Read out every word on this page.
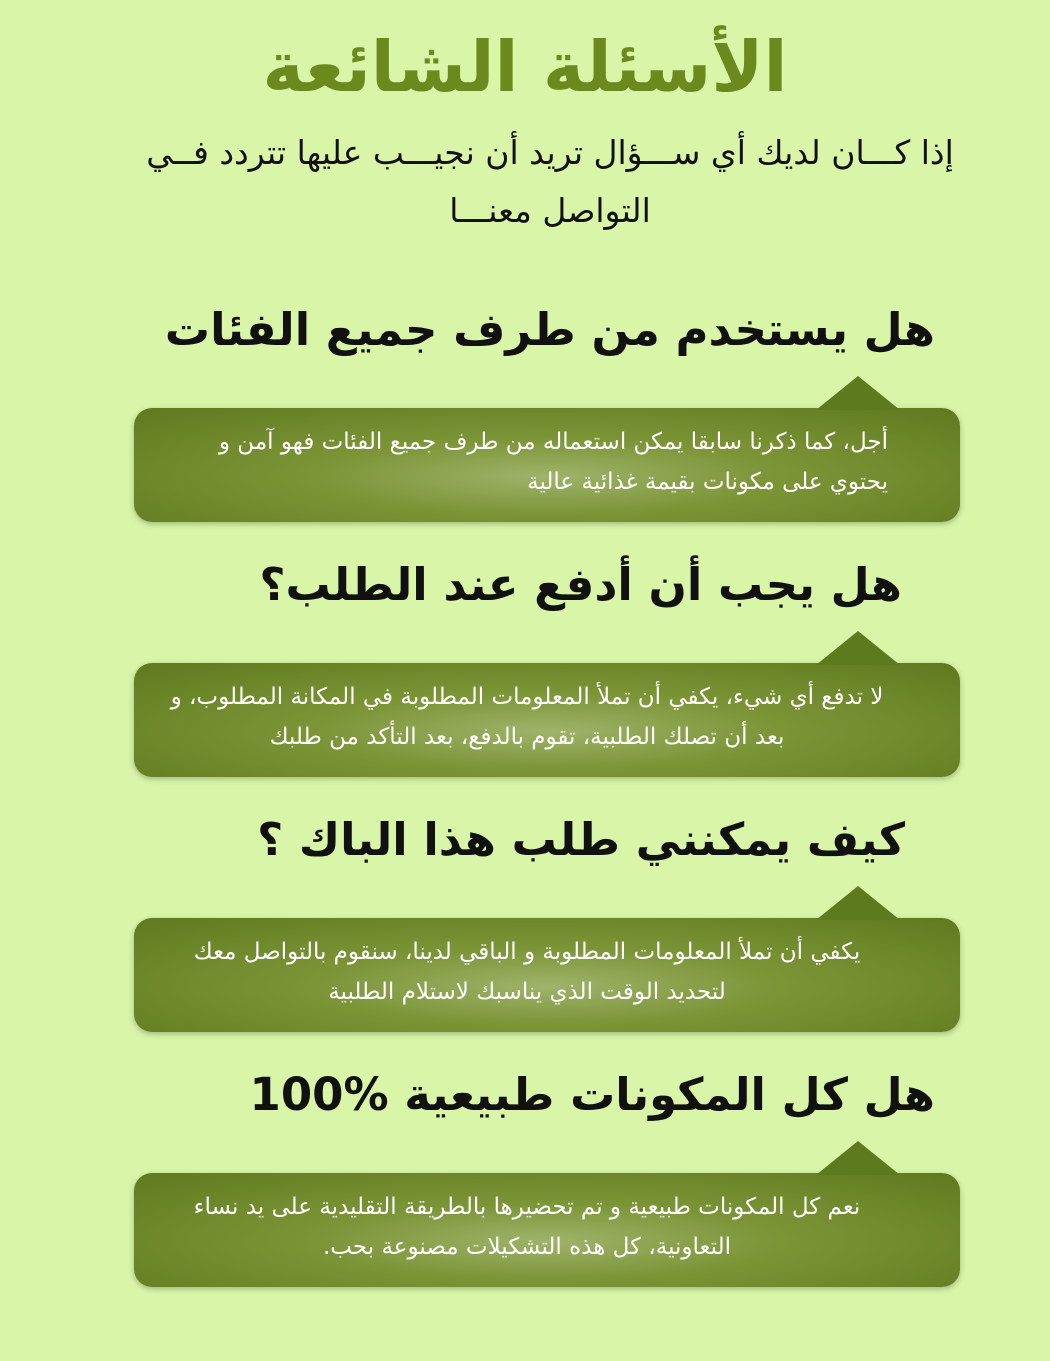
الأسئلة الشائعة

إذا كـــان لديك أي ســـؤال تريد أن نجيـــب عليها تتردد فــي التواصل معنـــا

هل يستخدم من طرف جميع الفئات

أجل، كما ذكرنا سابقا يمكن استعماله من طرف جميع الفئات فهو آمن و يحتوي على مكونات بقيمة غذائية عالية

هل يجب أن أدفع عند الطلب؟

لا تدفع أي شيء، يكفي أن تملأ المعلومات المطلوبة في المكانة المطلوب، و بعد أن تصلك الطلبية، تقوم بالدفع، بعد التأكد من طلبك

كيف يمكنني طلب هذا الباك ؟

يكفي أن تملأ المعلومات المطلوبة و الباقي لدينا، سنقوم بالتواصل معك لتحديد الوقت الذي يناسبك لاستلام الطلبية

هل كل المكونات طبيعية %100

نعم كل المكونات طبيعية و تم تحضيرها بالطريقة التقليدية على يد نساء التعاونية، كل هذه التشكيلات مصنوعة بحب.
